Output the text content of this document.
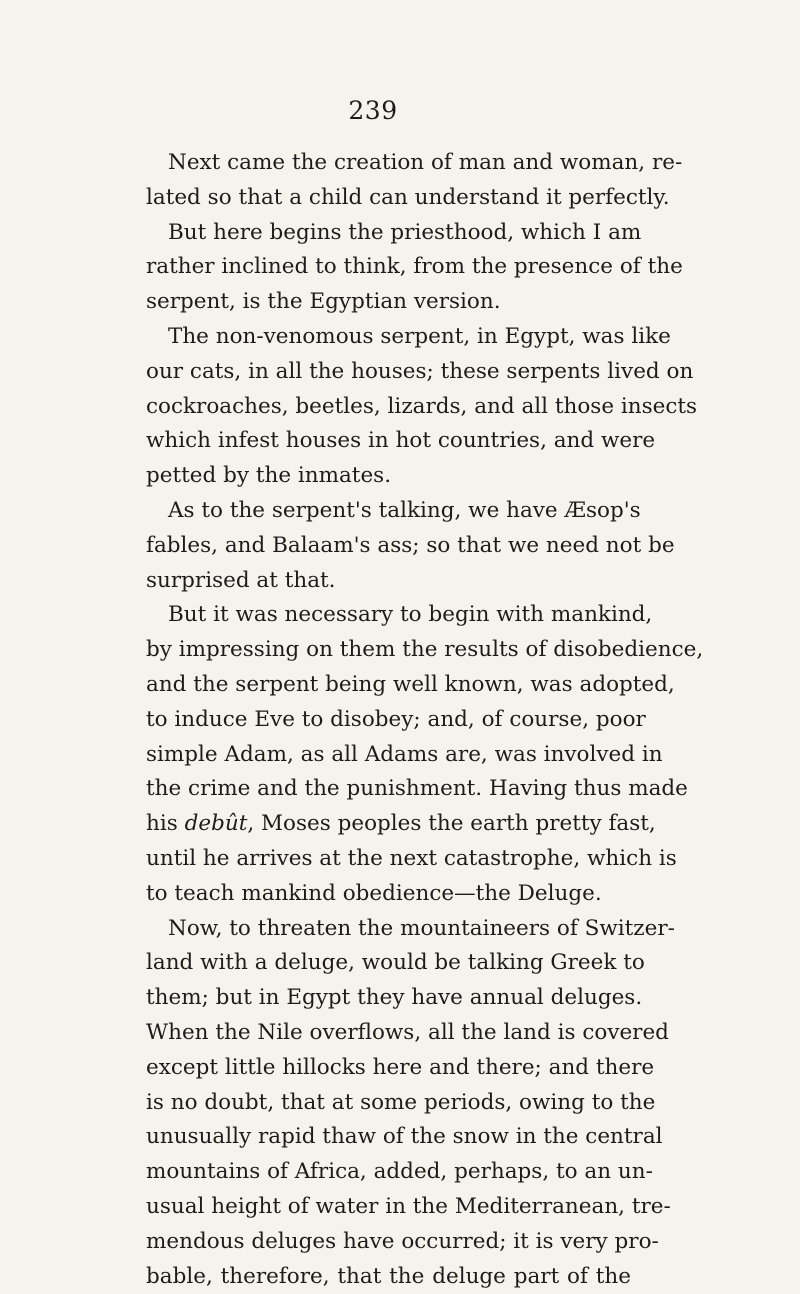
239
Next came the creation of man and woman, re-
lated so that a child can understand it perfectly.
But here begins the priesthood, which I am
rather inclined to think, from the presence of the
serpent, is the Egyptian version.
The non-venomous serpent, in Egypt, was like
our cats, in all the houses; these serpents lived on
cockroaches, beetles, lizards, and all those insects
which infest houses in hot countries, and were
petted by the inmates.
As to the serpent's talking, we have Æsop's
fables, and Balaam's ass; so that we need not be
surprised at that.
But it was necessary to begin with mankind,
by impressing on them the results of disobedience,
and the serpent being well known, was adopted,
to induce Eve to disobey; and, of course, poor
simple Adam, as all Adams are, was involved in
the crime and the punishment. Having thus made
his debût, Moses peoples the earth pretty fast,
until he arrives at the next catastrophe, which is
to teach mankind obedience—the Deluge.
Now, to threaten the mountaineers of Switzer-
land with a deluge, would be talking Greek to
them; but in Egypt they have annual deluges.
When the Nile overflows, all the land is covered
except little hillocks here and there; and there
is no doubt, that at some periods, owing to the
unusually rapid thaw of the snow in the central
mountains of Africa, added, perhaps, to an un-
usual height of water in the Mediterranean, tre-
mendous deluges have occurred; it is very pro-
bable, therefore, that the deluge part of the
